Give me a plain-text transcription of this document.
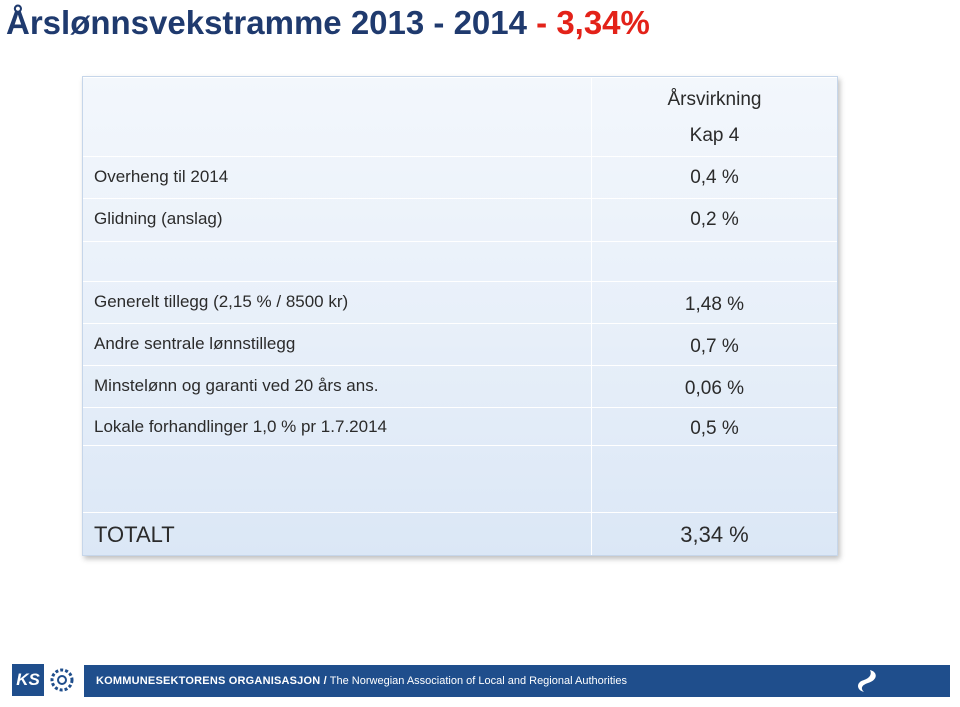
Årslønnsvekstramme 2013 - 2014 - 3,34%
Årsvirkning
Kap 4
Overheng til 2014	0,4 %
Glidning (anslag)	0,2 %
Generelt tillegg (2,15 % / 8500 kr)	1,48 %
Andre sentrale lønnstillegg	0,7 %
Minstelønn og garanti ved 20 års ans.	0,06 %
Lokale forhandlinger 1,0 % pr 1.7.2014	0,5 %
TOTALT	3,34 %
KS	KOMMUNESEKTORENS ORGANISASJON / The Norwegian Association of Local and Regional Authorities
